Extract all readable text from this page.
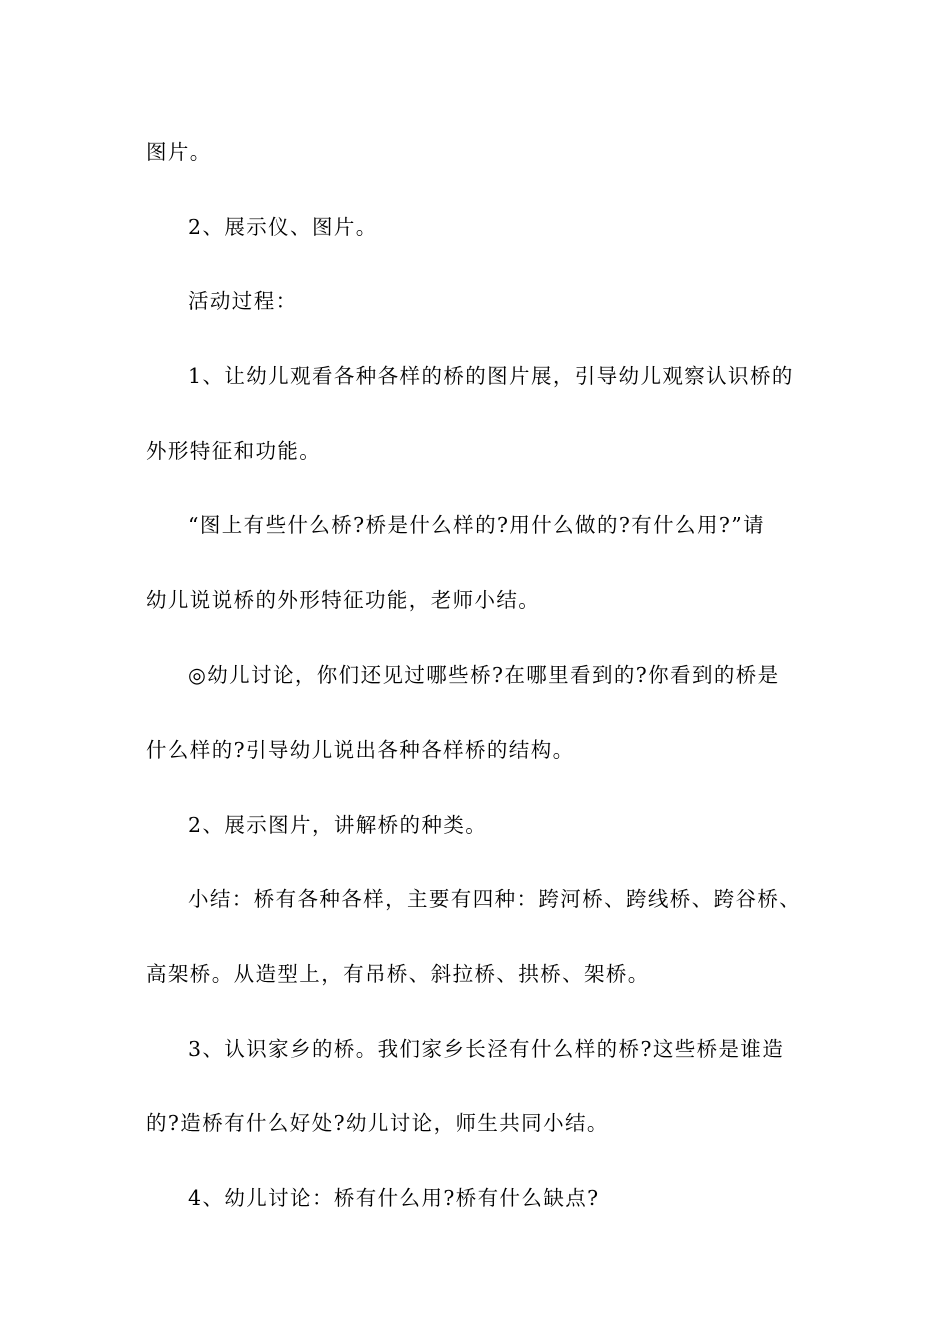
图片。
2、展示仪、图片。
活动过程：
1、让幼儿观看各种各样的桥的图片展，引导幼儿观察认识桥的
外形特征和功能。
“图上有些什么桥?桥是什么样的?用什么做的?有什么用?”请
幼儿说说桥的外形特征功能，老师小结。
◎幼儿讨论，你们还见过哪些桥?在哪里看到的?你看到的桥是
什么样的?引导幼儿说出各种各样桥的结构。
2、展示图片，讲解桥的种类。
小结：桥有各种各样，主要有四种：跨河桥、跨线桥、跨谷桥、
高架桥。从造型上，有吊桥、斜拉桥、拱桥、架桥。
3、认识家乡的桥。我们家乡长泾有什么样的桥?这些桥是谁造
的?造桥有什么好处?幼儿讨论，师生共同小结。
4、幼儿讨论：桥有什么用?桥有什么缺点?
